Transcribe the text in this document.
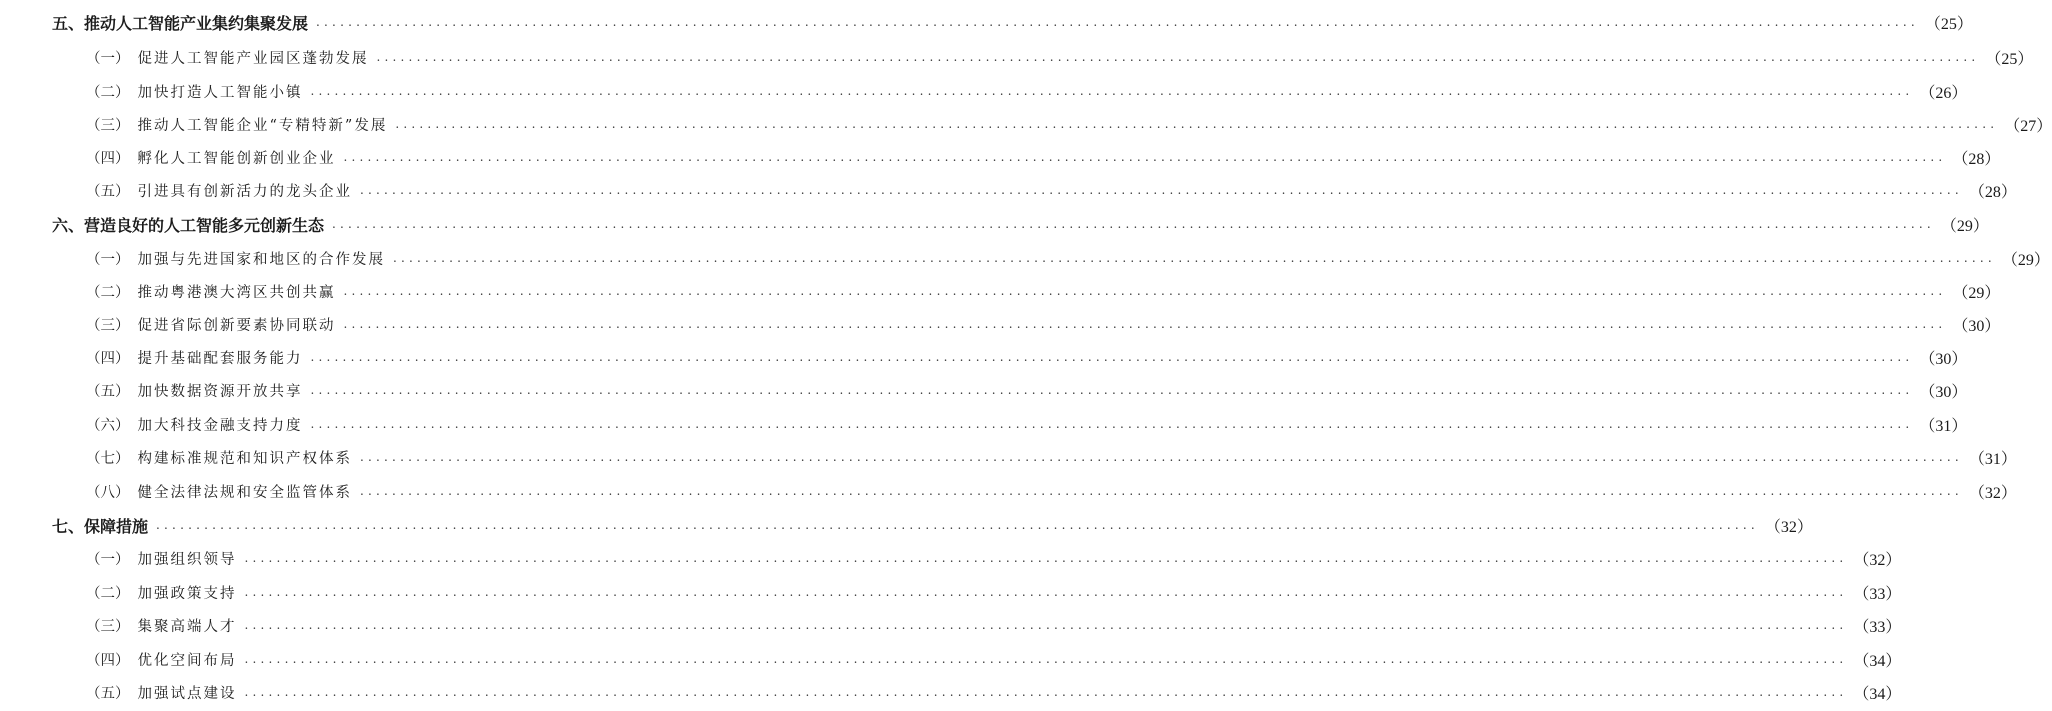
五、推动人工智能产业集约集聚发展 ........................................................................................................................................................................................................ （25）
（一） 促进人工智能产业园区蓬勃发展 ........................................................................................................................................................................................................ （25）
（二） 加快打造人工智能小镇 ........................................................................................................................................................................................................ （26）
（三） 推动人工智能企业“专精特新”发展 ........................................................................................................................................................................................................ （27）
（四） 孵化人工智能创新创业企业 ........................................................................................................................................................................................................ （28）
（五） 引进具有创新活力的龙头企业 ........................................................................................................................................................................................................ （28）
六、营造良好的人工智能多元创新生态 ........................................................................................................................................................................................................ （29）
（一） 加强与先进国家和地区的合作发展 ........................................................................................................................................................................................................ （29）
（二） 推动粤港澳大湾区共创共赢 ........................................................................................................................................................................................................ （29）
（三） 促进省际创新要素协同联动 ........................................................................................................................................................................................................ （30）
（四） 提升基础配套服务能力 ........................................................................................................................................................................................................ （30）
（五） 加快数据资源开放共享 ........................................................................................................................................................................................................ （30）
（六） 加大科技金融支持力度 ........................................................................................................................................................................................................ （31）
（七） 构建标准规范和知识产权体系 ........................................................................................................................................................................................................ （31）
（八） 健全法律法规和安全监管体系 ........................................................................................................................................................................................................ （32）
七、保障措施 ........................................................................................................................................................................................................ （32）
（一） 加强组织领导 ........................................................................................................................................................................................................ （32）
（二） 加强政策支持 ........................................................................................................................................................................................................ （33）
（三） 集聚高端人才 ........................................................................................................................................................................................................ （33）
（四） 优化空间布局 ........................................................................................................................................................................................................ （34）
（五） 加强试点建设 ........................................................................................................................................................................................................ （34）
